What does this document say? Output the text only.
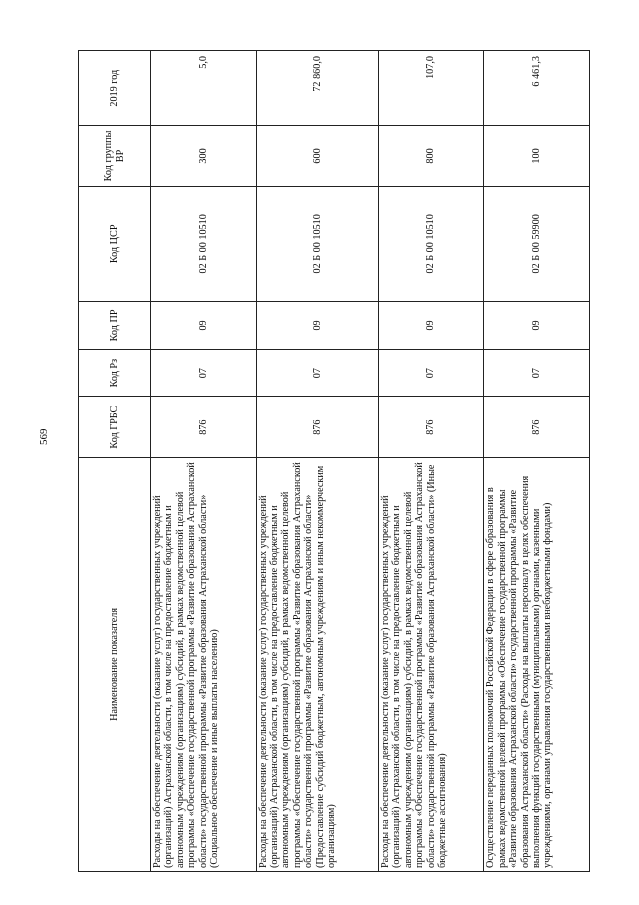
569
Наименование показателя	Код ГРБС	Код Рз	Код ПР	Код ЦСР	Код группы ВР	2019 год
Расходы на обеспечение деятельности (оказание услуг) государственных учреждений (организаций) Астраханской области, в том числе на предоставление бюджетным и автономным учреждениям (организациям) субсидий, в рамках ведомственной целевой программы «Обеспечение государственной программы «Развитие образования Астраханской области» государственной программы «Развитие образования Астраханской области» (Социальное обеспечение и иные выплаты населению)	876	07	09	02 Б 00 10510	300	5,0
Расходы на обеспечение деятельности (оказание услуг) государственных учреждений (организаций) Астраханской области, в том числе на предоставление бюджетным и автономным учреждениям (организациям) субсидий, в рамках ведомственной целевой программы «Обеспечение государственной программы «Развитие образования Астраханской области» государственной программы «Развитие образования Астраханской области» (Предоставление субсидий бюджетным, автономным учреждениям и иным некоммерческим организациям)	876	07	09	02 Б 00 10510	600	72 860,0
Расходы на обеспечение деятельности (оказание услуг) государственных учреждений (организаций) Астраханской области, в том числе на предоставление бюджетным и автономным учреждениям (организациям) субсидий, в рамках ведомственной целевой программы «Обеспечение государственной программы «Развитие образования Астраханской области» государственной программы «Развитие образования Астраханской области» (Иные бюджетные ассигнования)	876	07	09	02 Б 00 10510	800	107,0
Осуществление переданных полномочий Российской Федерации в сфере образования в рамках ведомственной целевой программы «Обеспечение государственной программы «Развитие образования Астраханской области» государственной программы «Развитие образования Астраханской области» (Расходы на выплаты персоналу в целях обеспечения выполнения функций государственными (муниципальными) органами, казенными учреждениями, органами управления государственными внебюджетными фондами)	876	07	09	02 Б 00 59900	100	6 461,3
